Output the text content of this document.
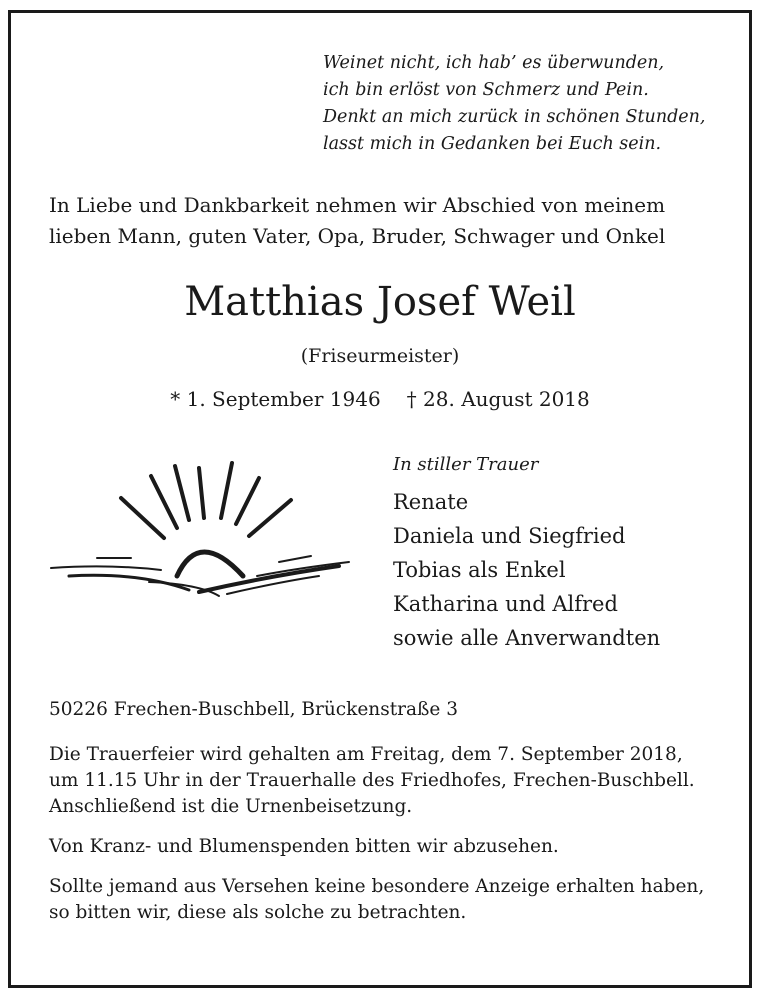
Weinet nicht, ich hab’ es überwunden,
ich bin erlöst von Schmerz und Pein.
Denkt an mich zurück in schönen Stunden,
lasst mich in Gedanken bei Euch sein.
In Liebe und Dankbarkeit nehmen wir Abschied von meinem
lieben Mann, guten Vater, Opa, Bruder, Schwager und Onkel
Matthias Josef Weil
(Friseurmeister)
* 1. September 1946 † 28. August 2018
In stiller Trauer
Renate
Daniela und Siegfried
Tobias als Enkel
Katharina und Alfred
sowie alle Anverwandten

50226 Frechen-Buschbell, Brückenstraße 3

Die Trauerfeier wird gehalten am Freitag, dem 7. September 2018,

um 11.15 Uhr in der Trauerhalle des Friedhofes, Frechen-Buschbell.

Anschließend ist die Urnenbeisetzung.

Von Kranz- und Blumenspenden bitten wir abzusehen.

Sollte jemand aus Versehen keine besondere Anzeige erhalten haben,

so bitten wir, diese als solche zu betrachten.
